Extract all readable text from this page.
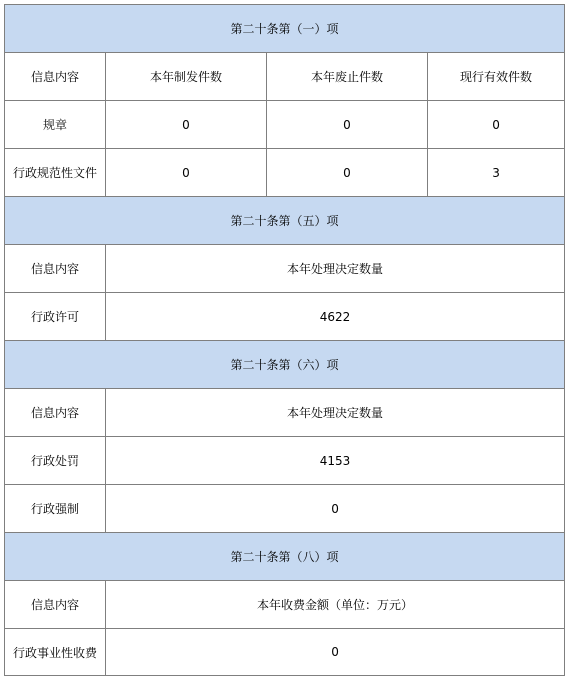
第二十条第（一）项			
信息内容	本年制发件数	本年废止件数	现行有效件数
规章	0	0	0
行政规范性文件	0	0	3
第二十条第（五）项			
信息内容	本年处理决定数量		
行政许可	4622		
第二十条第（六）项			
信息内容	本年处理决定数量		
行政处罚	4153		
行政强制	0		
第二十条第（八）项			
信息内容	本年收费金额（单位：万元）		
行政事业性收费	0		
